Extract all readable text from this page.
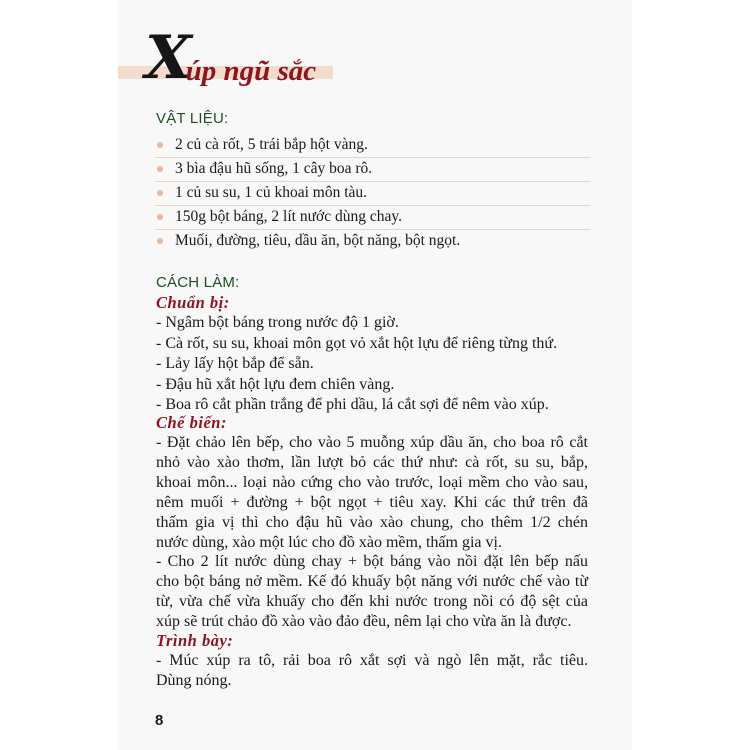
Xúp ngũ sắc
VẬT LIỆU:
2 củ cà rốt, 5 trái bắp hột vàng.
3 bìa đậu hũ sống, 1 cây boa rô.
1 củ su su, 1 củ khoai môn tàu.
150g bột báng, 2 lít nước dùng chay.
Muối, đường, tiêu, dầu ăn, bột năng, bột ngọt.
CÁCH LÀM:
Chuẩn bị:
- Ngâm bột báng trong nước độ 1 giờ.
- Cà rốt, su su, khoai môn gọt vỏ xắt hột lựu để riêng từng thứ.
- Lảy lấy hột bắp để sẵn.
- Đậu hũ xắt hột lựu đem chiên vàng.
- Boa rô cắt phần trắng để phi dầu, lá cắt sợi để nêm vào xúp.
Chế biến:
- Đặt chảo lên bếp, cho vào 5 muỗng xúp dầu ăn, cho boa rô cắt
nhỏ vào xào thơm, lần lượt bỏ các thứ như: cà rốt, su su, bắp,
khoai môn... loại nào cứng cho vào trước, loại mềm cho vào sau,
nêm muối + đường + bột ngọt + tiêu xay. Khi các thứ trên đã
thấm gia vị thì cho đậu hũ vào xào chung, cho thêm 1/2 chén
nước dùng, xào một lúc cho đồ xào mềm, thấm gia vị.
- Cho 2 lít nước dùng chay + bột báng vào nồi đặt lên bếp nấu
cho bột báng nở mềm. Kế đó khuấy bột năng với nước chế vào từ
từ, vừa chế vừa khuấy cho đến khi nước trong nồi có độ sệt của
xúp sẽ trút chảo đồ xào vào đảo đều, nêm lại cho vừa ăn là được.
Trình bày:
- Múc xúp ra tô, rải boa rô xắt sợi và ngò lên mặt, rắc tiêu.
Dùng nóng.
8
